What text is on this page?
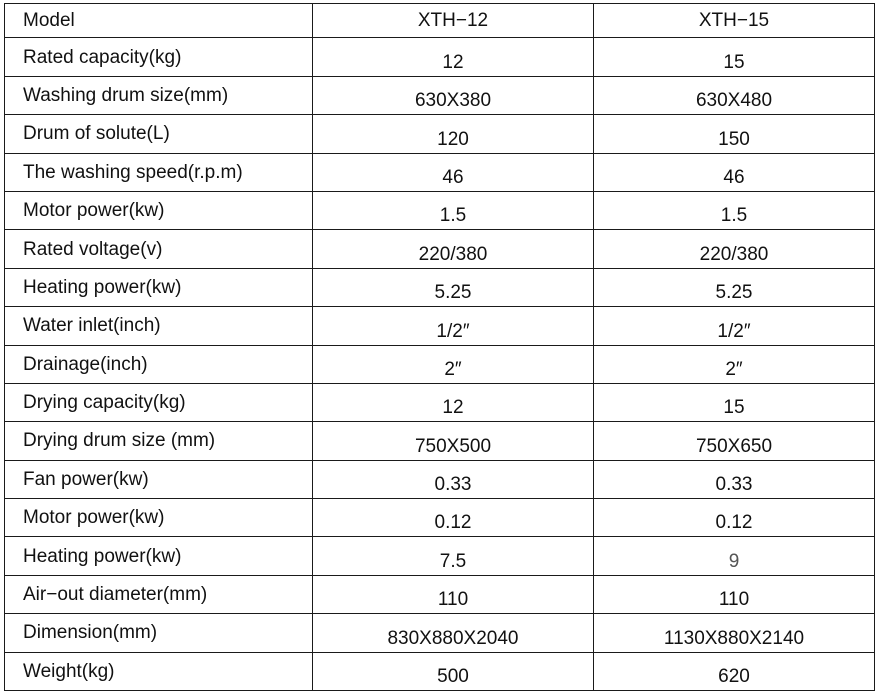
Model	XTH−12	XTH−15
Rated capacity(kg)	12	15
Washing drum size(mm)	630X380	630X480
Drum of solute(L)	120	150
The washing speed(r.p.m)	46	46
Motor power(kw)	1.5	1.5
Rated voltage(v)	220/380	220/380
Heating power(kw)	5.25	5.25
Water inlet(inch)	1/2″	1/2″
Drainage(inch)	2″	2″
Drying capacity(kg)	12	15
Drying drum size (mm)	750X500	750X650
Fan power(kw)	0.33	0.33
Motor power(kw)	0.12	0.12
Heating power(kw)	7.5	9
Air−out diameter(mm)	110	110
Dimension(mm)	830X880X2040	1130X880X2140
Weight(kg)	500	620
